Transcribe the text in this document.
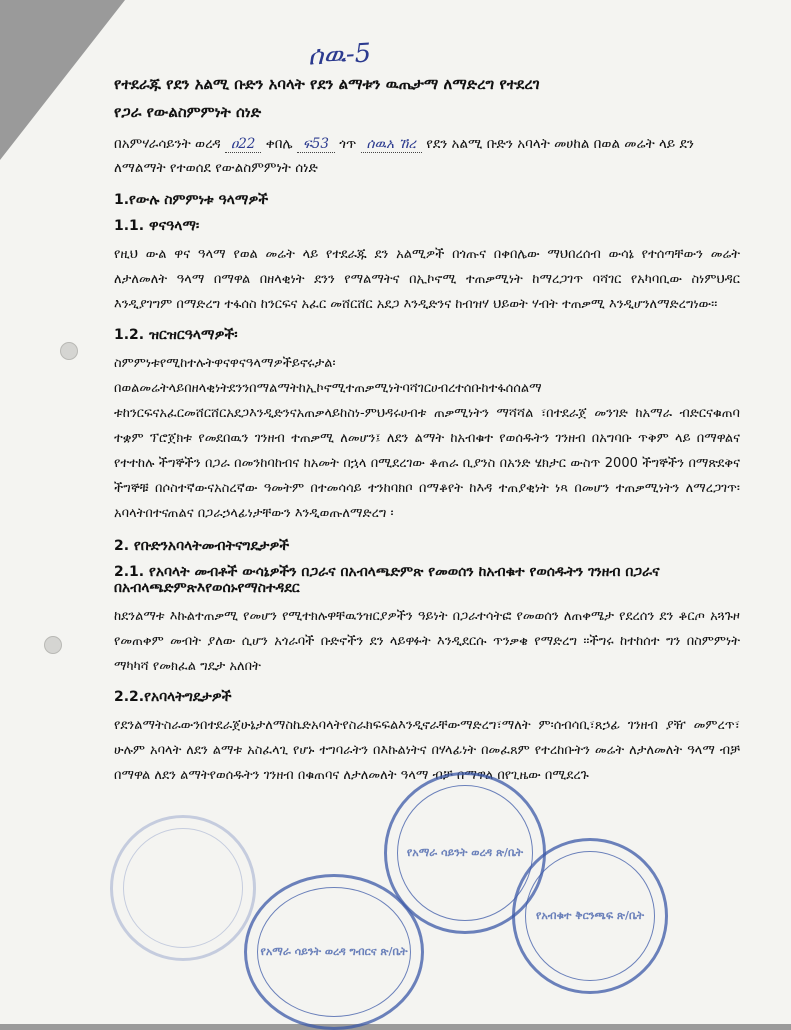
ሰዉ-5
የተደራጁ የደን አልሚ ቡድን አባላት የደን ልማቱን ዉጤታማ ለማድረግ የተደረገ
የጋራ የውልስምምነት ሰነድ
በአምሃራሳይንት ወረዳ ዐ22 ቀበሌ ፍ53 ጎጥ ሰዉአ ኸረ የደን አልሚ ቡድን አባላት መሀከል በወል መሬት ላይ ደን ለማልማት የተወሰደ የውልስምምነት ሰነድ
1.የውሉ ስምምነቱ ዓላማዎች
1.1. ዋናዓላማ፡
የዚህ ውል ዋና ዓላማ የወል መሬት ላይ የተደራጁ ደን አልሚዎች በጎጡና በቀበሌው ማህበረሰብ ውሳኔ የተሰጣቸውን መሬት ለታለመለት ዓላማ በማዋል በዘላቂነት ደንን የማልማትና በኢኮኖሚ ተጠቃሚነት ከማረጋገጥ ባሻገር የአካባቢው ስነምህዳር እንዲያገግም በማድረግ ተፋሰስ ከንርፍና አፈር መሸርሸር አደጋ እንዲድንና ከብዝሃ ህይወት ሃብት ተጠቃሚ እንዲሆንለማድረግነው፡፡
1.2. ዝርዝርዓላማዎች፡
ስምምነቱየሚከተሉትዋናዋናዓላማዎችይኖሩታል፡ በወልመሬትላይበዘላቂነትደንንበማልማትከኢኮኖሚተጠቃሚነትባሻገርሀብረተሰቡከተፋሰሰልማ ቱከንርፍናአፈርመሸርሸርአደጋእንዲድንናአጠቃላይከስነ-ምህዳሩሀብቱ ጠቃሚነትን ማሻሻል ፣በተደራጀ መንገድ ከአማራ ብድርናቁጠባ ተቋም ፕሮጀክቱ የመደበዉን ገንዘብ ተጠቃሚ ለመሆን፤ ለደን ልማት ከአብቁተ የወሰዱትን ገንዘብ በአግባቡ ጥቅም ላይ በማዋልና የተተከሉ ችግኞችን በጋራ በመንከባከብና ከአመት በኋላ በሚደረገው ቆጠራ ቢያንስ በአንድ ሄክታር ውስጥ 2000 ችግኞችን በማጽደቅና ችግኞቹ በሶስተኛውናአስረኛው ዓመትም በተመሳሳይ ተንከባክቦ በማቆየት ከእዳ ተጠያቂነት ነጻ በመሆን ተጠቃሚነትን ለማረጋገጥ፡ አባላትበተናጠልና በጋራኃላፊነታቸውን እንዲወጡለማድረግ ፡
2. የቡድንአባላትመብትናግዴታዎች
2.1. የአባላት መብቶች ውሳኔዎችን በጋራና በአብላጫድምጽ የመወሰን ከአብቁተ የወሰዱትን ገንዘብ በጋራና በአብላጫድምጽእየወሰኑየማስተዳደር
ከደንልማቱ እኩልተጠቃሚ የመሆን የሚተክሉዋቸዉንዝርያዎችን ዓይነት በጋራተሳትፎ የመወሰን ለጠቀሜታ የደረሰን ደን ቆርጦ አጓጉዞ የመጠቀም መብት ያለው ሲሆን አጎራባች ቡድኖችን ደን ላይዋፉት እንዲደርሱ ጥንቃቄ የማድረግ ፡፡ችግሩ ከተከሰተ ግን በስምምነት ማካካሻ የመክፈል ግዴታ አለበት
2.2.የአባላትግዴታዎች
የደንልማትስራውንበተደራጀሁኔታለማስኬድአባላትየስራክፍፍልእንዲኖራቸውማድረግ፣ማለት ም፡ሰብሳቢ፣ጸኃፊ ገንዘብ ያዥ መምረጥ፣ ሁሉም አባላት ለደን ልማቱ አስፈላጊ የሆኑ ተግባራትን በእኩልነትና በሃላፊነት በመፈጸም የተረከቡትን መሬት ለታለመለት ዓላማ ብቻ በማዋል ለደን ልማትየወሰዱትን ገንዘብ በቁጠባና ለታለመለት ዓላማ ብቻ በማዋል በየጊዜው በሚደረጉ
የአማራ ሳይንት ወረዳ ጽ/ቤት
የአብቁተ ቅርንጫፍ ጽ/ቤት
የአማራ ሳይንት ወረዳ ግብርና ጽ/ቤት
